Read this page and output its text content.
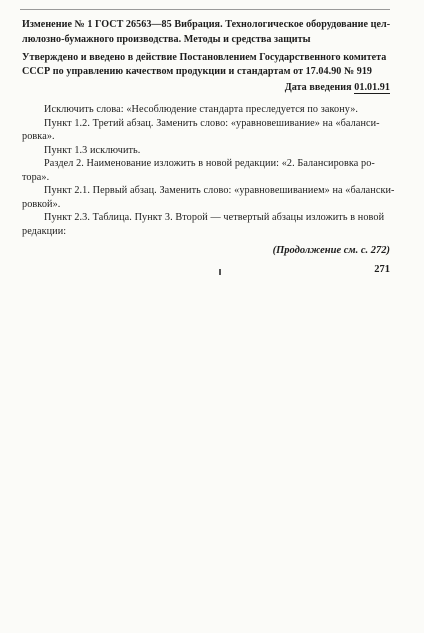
Изменение № 1 ГОСТ 26563—85 Вибрация. Технологическое оборудование цел-

люлозно-бумажного производства. Методы и средства защиты

Утверждено и введено в действие Постановлением Государственного комитета

СССР по управлению качеством продукции и стандартам от 17.04.90 № 919

Дата введения 01.01.91

Исключить слова: «Несоблюдение стандарта преследуется по закону».

Пункт 1.2. Третий абзац. Заменить слово: «уравновешивание» на «баланси-

ровка».

Пункт 1.3 исключить.

Раздел 2. Наименование изложить в новой редакции: «2. Балансировка ро-

тора».

Пункт 2.1. Первый абзац. Заменить слово: «уравновешиванием» на «балански-

ровкой».

Пункт 2.3. Таблица. Пункт 3. Второй — четвертый абзацы изложить в новой

редакции:

(Продолжение см. с. 272)

271
